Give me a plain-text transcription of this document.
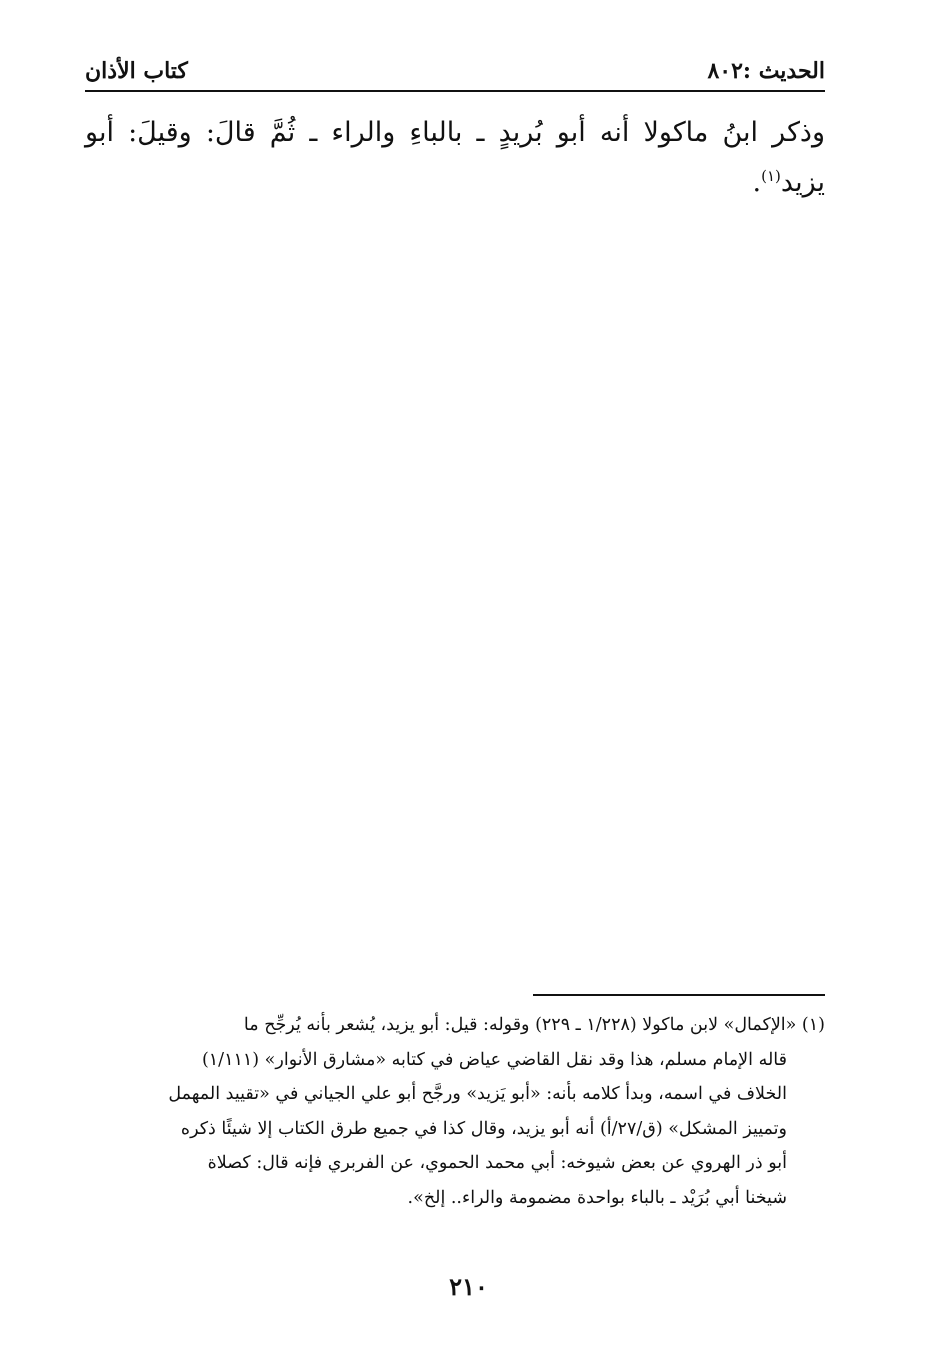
الحديث :٨٠٢
كتاب الأذان
وذكر ابنُ ماكولا أنه أبو بُريدٍ ـ بالباءِ والراء ـ ثُمَّ قالَ: وقيلَ: أبو يزيد$^{(١)}$.
(١) «الإكمال» لابن ماكولا (١/٢٢٨ ـ ٢٢٩) وقوله: قيل: أبو يزيد، يُشعر بأنه يُرجِّح ما
قاله الإمام مسلم، هذا وقد نقل القاضي عياض في كتابه «مشارق الأنوار» (١/١١١)
الخلاف في اسمه، وبدأ كلامه بأنه: «أبو يَزيد» ورجَّح أبو علي الجياني في «تقييد المهمل
وتمييز المشكل» (ق/٢٧/أ) أنه أبو يزيد، وقال كذا في جميع طرق الكتاب إلا شيئًا ذكره
أبو ذر الهروي عن بعض شيوخه: أبي محمد الحموي، عن الفربري فإنه قال: كصلاة
شيخنا أبي بُرَيْد ـ بالباء بواحدة مضمومة والراء.. إلخ».
٢١٠
